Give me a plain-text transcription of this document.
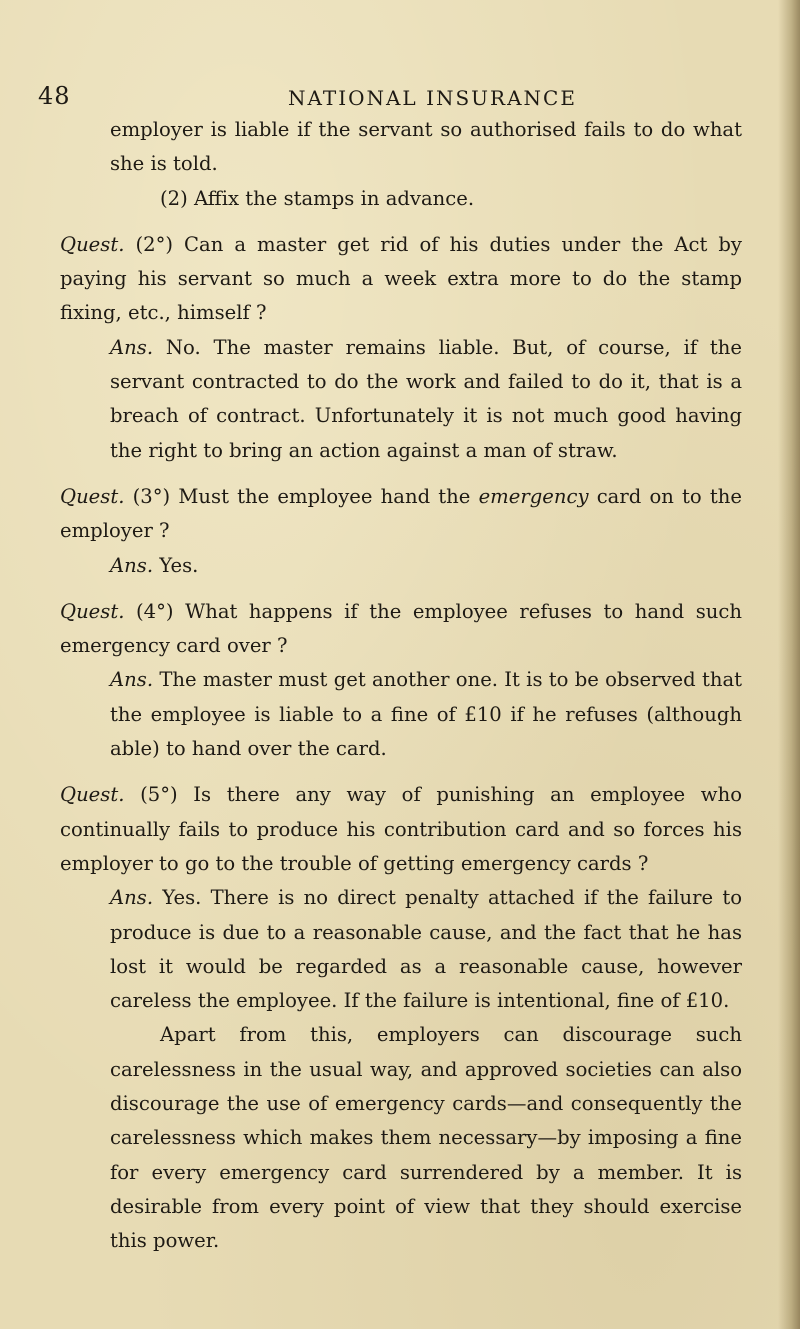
48	NATIONAL INSURANCE

employer is liable if the servant so authorised fails to do what she is told.

(2) Affix the stamps in advance.

Quest. (2°) Can a master get rid of his duties under the Act by paying his servant so much a week extra more to do the stamp fixing, etc., himself ?

Ans. No. The master remains liable. But, of course, if the servant contracted to do the work and failed to do it, that is a breach of contract. Unfortunately it is not much good having the right to bring an action against a man of straw.

Quest. (3°) Must the employee hand the emergency card on to the employer ?

Ans. Yes.

Quest. (4°) What happens if the employee refuses to hand such emergency card over ?

Ans. The master must get another one. It is to be observed that the employee is liable to a fine of £10 if he refuses (although able) to hand over the card.

Quest. (5°) Is there any way of punishing an employee who continually fails to produce his contribution card and so forces his employer to go to the trouble of getting emergency cards ?

Ans. Yes. There is no direct penalty attached if the failure to produce is due to a reasonable cause, and the fact that he has lost it would be regarded as a reasonable cause, however careless the employee. If the failure is intentional, fine of £10.

Apart from this, employers can discourage such carelessness in the usual way, and approved societies can also discourage the use of emergency cards—and consequently the carelessness which makes them necessary—by imposing a fine for every emergency card surrendered by a member. It is desirable from every point of view that they should exercise this power.
